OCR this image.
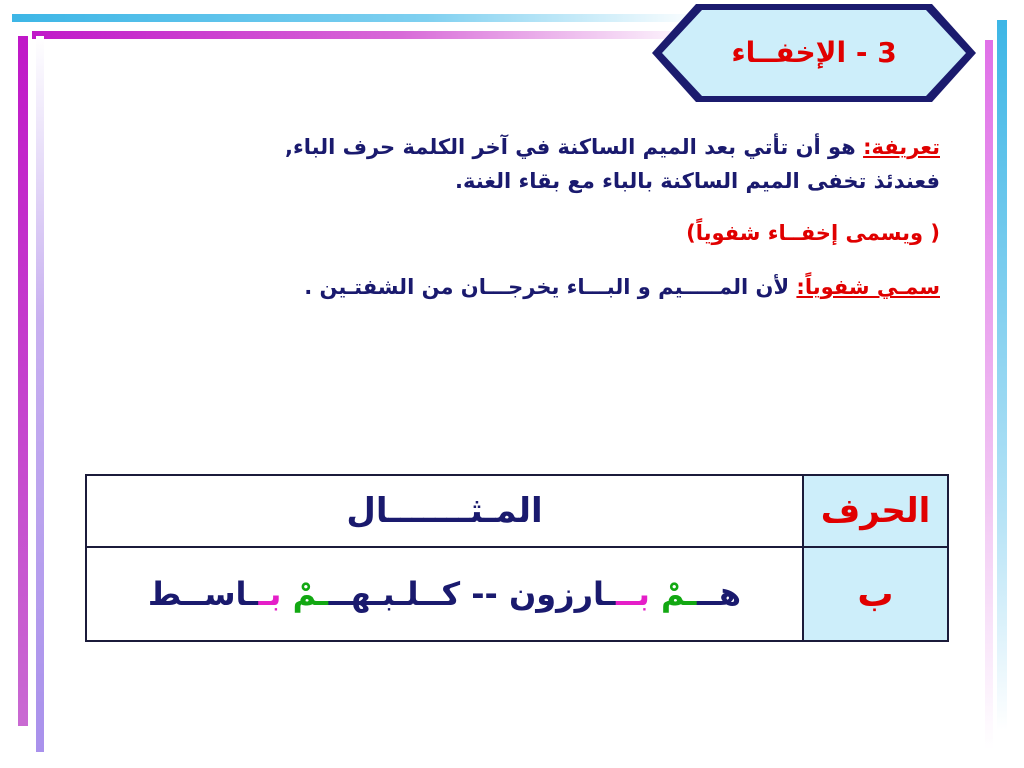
3

-

الإخفــاء

تعريفة: هو أن تأتي بعد الميم الساكنة في آخر الكلمة حرف الباء,
فعندئذ تخفى الميم الساكنة بالباء مع بقاء الغنة.

( ويسمى إخفــاء شفوياً)

سمـي شفوياً: لأن المـــــيم و البـــاء يخرجـــان من الشفتـين .

الحرف	المـثـــــــال
ب	هـــمْ بـــارزون -- كــلـبـهـــمْ بــاســط
